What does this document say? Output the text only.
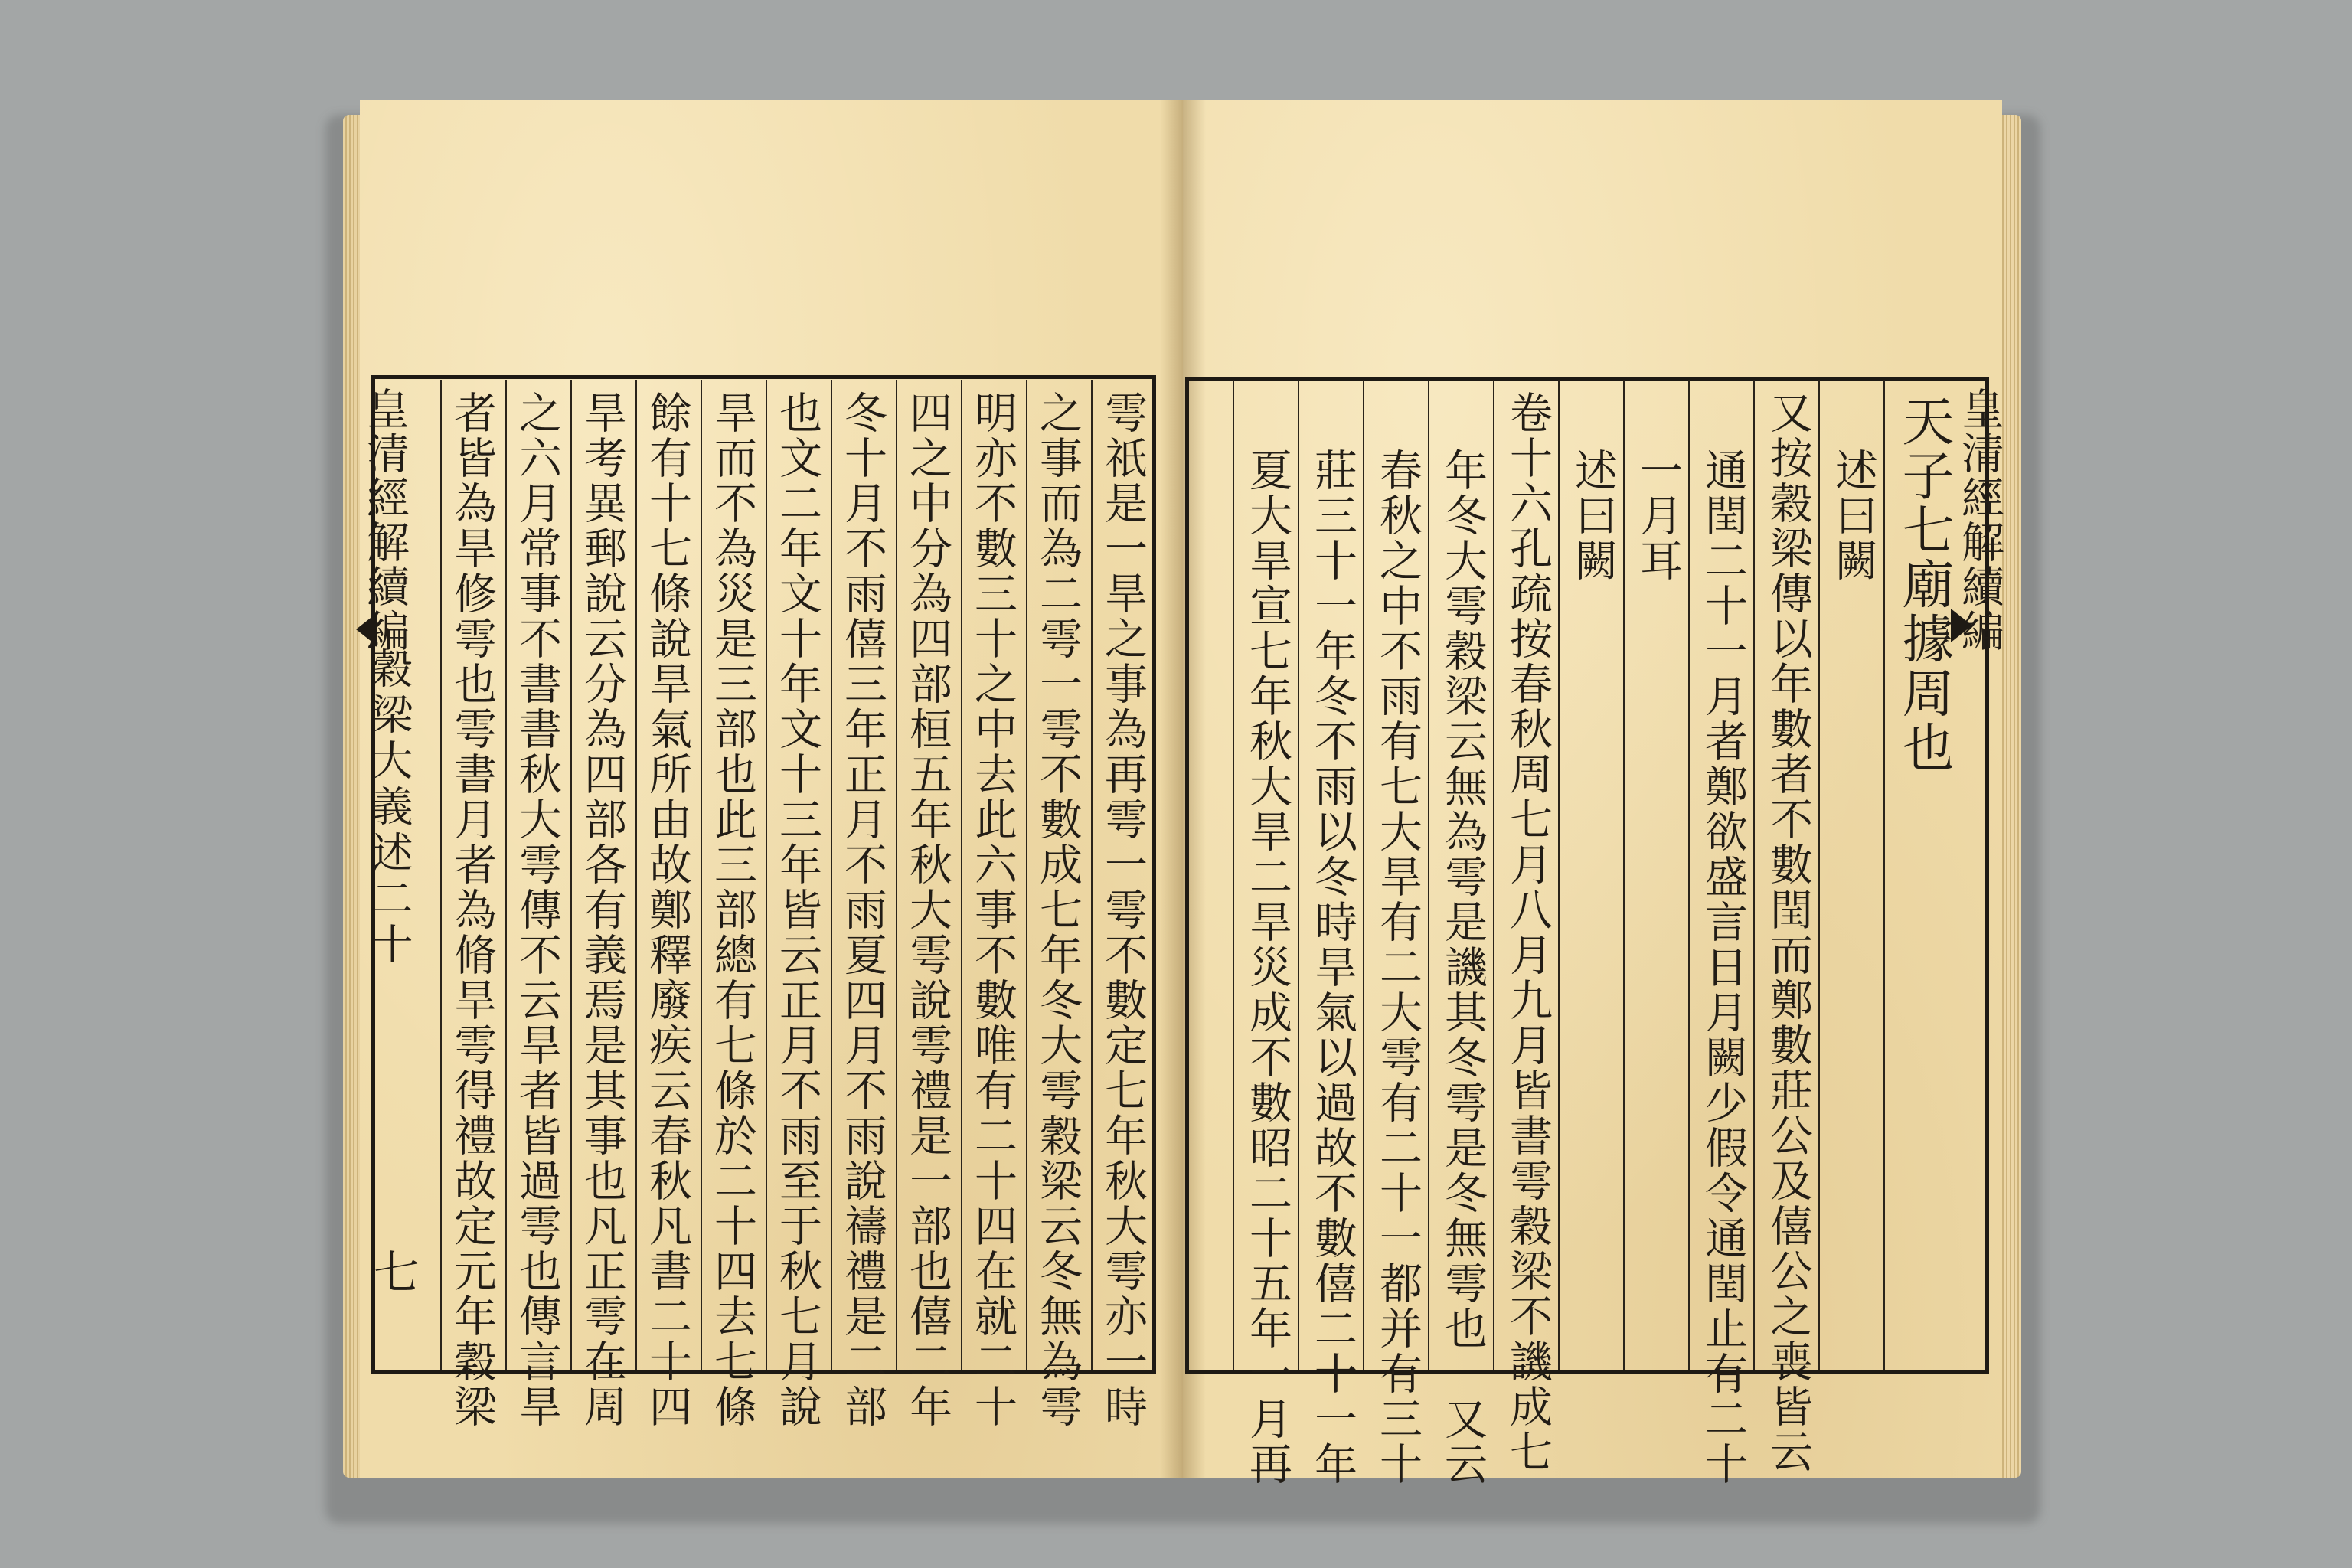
皇清經解續編
穀梁大義述二十
七
皇清經解續編
雩祇是一旱之事為再雩一雩不數定七年秋大雩亦一時
之事而為二雩一雩不數成七年冬大雩穀梁云冬無為雩
明亦不數三十之中去此六事不數唯有二十四在就二十
四之中分為四部桓五年秋大雩說雩禮是一部也僖二年
冬十月不雨僖三年正月不雨夏四月不雨說禱禮是二部
也文二年文十年文十三年皆云正月不雨至于秋七月說
旱而不為災是三部也此三部總有七條於二十四去七條
餘有十七條說旱氣所由故鄭釋廢疾云春秋凡書二十四
旱考異郵說云分為四部各有義焉是其事也凡正雩在周
之六月常事不書書秋大雩傳不云旱者皆過雩也傳言旱
者皆為旱修雩也雩書月者為脩旱雩得禮故定元年穀梁	天子七廟據周也
述曰闕
又按穀梁傳以年數者不數閏而鄭數莊公及僖公之喪皆云
通閏二十一月者鄭欲盛言日月闕少假令通閏止有二十
一月耳
述曰闕
卷十六孔疏按春秋周七月八月九月皆書雩穀梁不譏成七
年冬大雩穀梁云無為雩是譏其冬雩是冬無雩也　又云
春秋之中不雨有七大旱有二大雩有二十一都并有三十
莊三十一年冬不雨以冬時旱氣以過故不數僖二十一年
夏大旱宣七年秋大旱二旱災成不數昭二十五年一月再
